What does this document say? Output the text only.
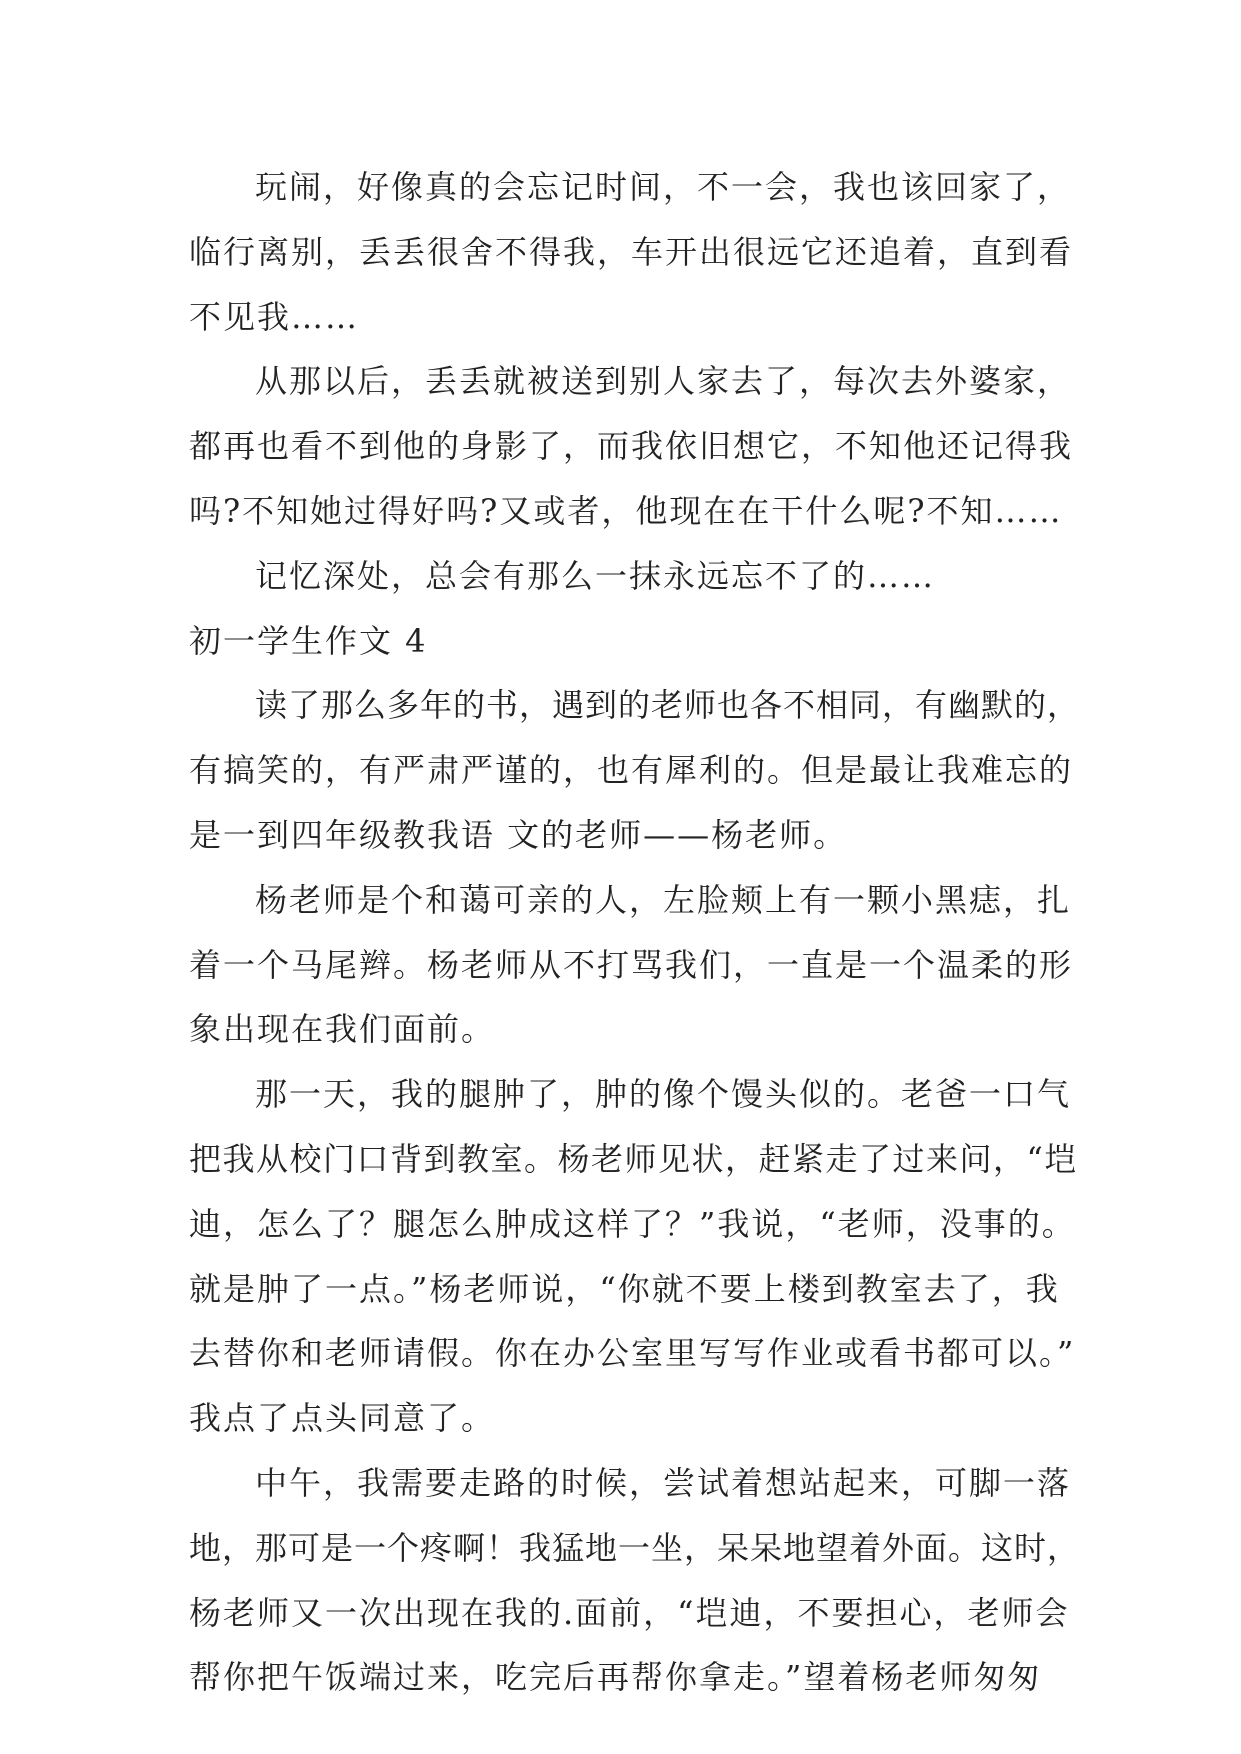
玩闹，好像真的会忘记时间，不一会，我也该回家了，
临行离别，丢丢很舍不得我，车开出很远它还追着，直到看
不见我……
从那以后，丢丢就被送到别人家去了，每次去外婆家，
都再也看不到他的身影了，而我依旧想它，不知他还记得我
吗?不知她过得好吗?又或者，他现在在干什么呢?不知……
记忆深处，总会有那么一抹永远忘不了的……
初一学生作文 4
读了那么多年的书，遇到的老师也各不相同，有幽默的，
有搞笑的，有严肃严谨的，也有犀利的。但是最让我难忘的
是一到四年级教我语 文的老师——杨老师。
杨老师是个和蔼可亲的人，左脸颊上有一颗小黑痣，扎
着一个马尾辫。杨老师从不打骂我们，一直是一个温柔的形
象出现在我们面前。
那一天，我的腿肿了，肿的像个馒头似的。老爸一口气
把我从校门口背到教室。杨老师见状，赶紧走了过来问，“垲
迪，怎么了？腿怎么肿成这样了？”我说，“老师，没事的。
就是肿了一点。”杨老师说，“你就不要上楼到教室去了，我
去替你和老师请假。你在办公室里写写作业或看书都可以。”
我点了点头同意了。
中午，我需要走路的时候，尝试着想站起来，可脚一落
地，那可是一个疼啊！我猛地一坐，呆呆地望着外面。这时，
杨老师又一次出现在我的.面前，“垲迪，不要担心，老师会
帮你把午饭端过来，吃完后再帮你拿走。”望着杨老师匆匆
